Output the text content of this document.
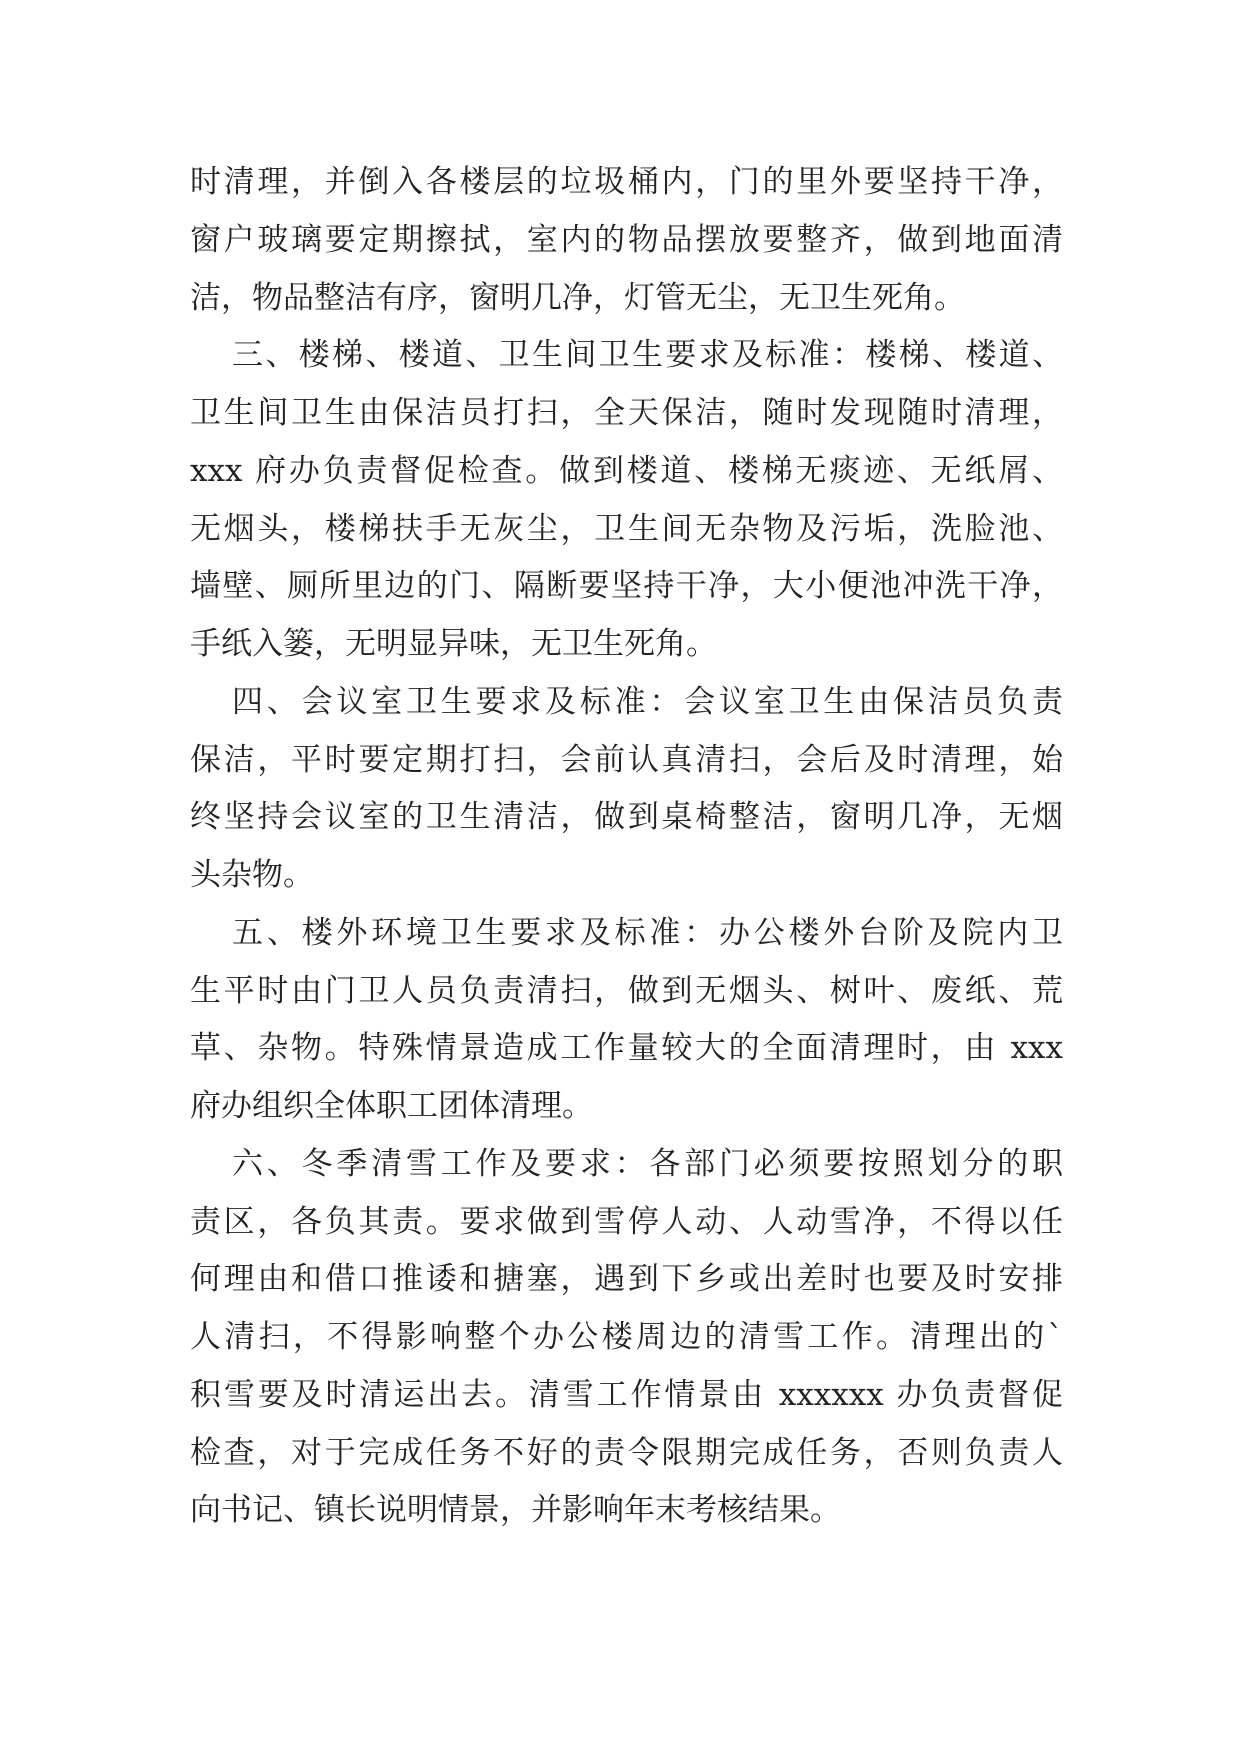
时清理，并倒入各楼层的垃圾桶内，门的里外要坚持干净，
窗户玻璃要定期擦拭，室内的物品摆放要整齐，做到地面清
洁，物品整洁有序，窗明几净，灯管无尘，无卫生死角。
三、楼梯、楼道、卫生间卫生要求及标准：楼梯、楼道、
卫生间卫生由保洁员打扫，全天保洁，随时发现随时清理，
xxx 府办负责督促检查。做到楼道、楼梯无痰迹、无纸屑、
无烟头，楼梯扶手无灰尘，卫生间无杂物及污垢，洗脸池、
墙壁、厕所里边的门、隔断要坚持干净，大小便池冲洗干净，
手纸入篓，无明显异味，无卫生死角。
四、会议室卫生要求及标准：会议室卫生由保洁员负责
保洁，平时要定期打扫，会前认真清扫，会后及时清理，始
终坚持会议室的卫生清洁，做到桌椅整洁，窗明几净，无烟
头杂物。
五、楼外环境卫生要求及标准：办公楼外台阶及院内卫
生平时由门卫人员负责清扫，做到无烟头、树叶、废纸、荒
草、杂物。特殊情景造成工作量较大的全面清理时，由 xxx
府办组织全体职工团体清理。
六、冬季清雪工作及要求：各部门必须要按照划分的职
责区，各负其责。要求做到雪停人动、人动雪净，不得以任
何理由和借口推诿和搪塞，遇到下乡或出差时也要及时安排
人清扫，不得影响整个办公楼周边的清雪工作。清理出的`
积雪要及时清运出去。清雪工作情景由 xxxxxx 办负责督促
检查，对于完成任务不好的责令限期完成任务，否则负责人
向书记、镇长说明情景，并影响年末考核结果。
